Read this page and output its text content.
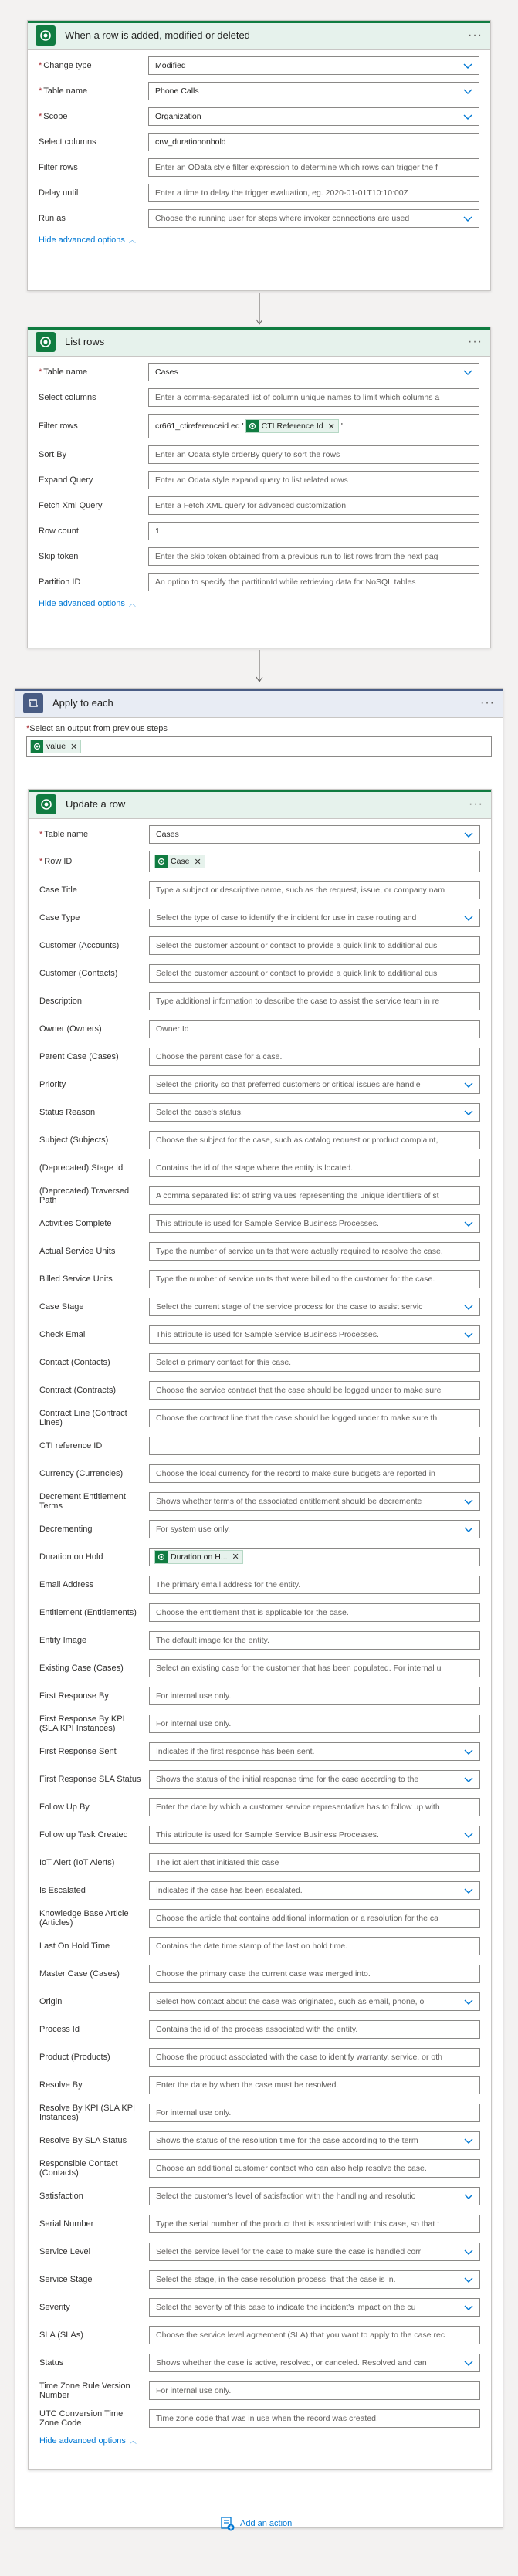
When a row is added, modified or deleted	···
* Change type	Modified
* Table name	Phone Calls
* Scope	Organization
Select columns	crw_durationonhold
Filter rows	Enter an OData style filter expression to determine which rows can trigger the f
Delay until	Enter a time to delay the trigger evaluation, eg. 2020-01-01T10:10:00Z
Run as	Choose the running user for steps where invoker connections are used
Hide advanced options ︿
List rows	···
* Table name	Cases
Select columns	Enter a comma-separated list of column unique names to limit which columns a
Filter rows	cr661_ctireferenceid eq ' CTI Reference Id ✕ '
Sort By	Enter an Odata style orderBy query to sort the rows
Expand Query	Enter an Odata style expand query to list related rows
Fetch Xml Query	Enter a Fetch XML query for advanced customization
Row count	1
Skip token	Enter the skip token obtained from a previous run to list rows from the next pag
Partition ID	An option to specify the partitionId while retrieving data for NoSQL tables
Hide advanced options ︿
Apply to each	···
*Select an output from previous steps
value ✕
Update a row	···
* Table name	Cases
* Row ID	Case ✕
Case Title	Type a subject or descriptive name, such as the request, issue, or company nam
Case Type	Select the type of case to identify the incident for use in case routing and
Customer (Accounts)	Select the customer account or contact to provide a quick link to additional cus
Customer (Contacts)	Select the customer account or contact to provide a quick link to additional cus
Description	Type additional information to describe the case to assist the service team in re
Owner (Owners)	Owner Id
Parent Case (Cases)	Choose the parent case for a case.
Priority	Select the priority so that preferred customers or critical issues are handle
Status Reason	Select the case's status.
Subject (Subjects)	Choose the subject for the case, such as catalog request or product complaint,
(Deprecated) Stage Id	Contains the id of the stage where the entity is located.
(Deprecated) Traversed Path	A comma separated list of string values representing the unique identifiers of st
Activities Complete	This attribute is used for Sample Service Business Processes.
Actual Service Units	Type the number of service units that were actually required to resolve the case.
Billed Service Units	Type the number of service units that were billed to the customer for the case.
Case Stage	Select the current stage of the service process for the case to assist servic
Check Email	This attribute is used for Sample Service Business Processes.
Contact (Contacts)	Select a primary contact for this case.
Contract (Contracts)	Choose the service contract that the case should be logged under to make sure
Contract Line (Contract Lines)	Choose the contract line that the case should be logged under to make sure th
CTI reference ID
Currency (Currencies)	Choose the local currency for the record to make sure budgets are reported in
Decrement Entitlement Terms	Shows whether terms of the associated entitlement should be decremente
Decrementing	For system use only.
Duration on Hold	Duration on H... ✕
Email Address	The primary email address for the entity.
Entitlement (Entitlements)	Choose the entitlement that is applicable for the case.
Entity Image	The default image for the entity.
Existing Case (Cases)	Select an existing case for the customer that has been populated. For internal u
First Response By	For internal use only.
First Response By KPI (SLA KPI Instances)	For internal use only.
First Response Sent	Indicates if the first response has been sent.
First Response SLA Status	Shows the status of the initial response time for the case according to the
Follow Up By	Enter the date by which a customer service representative has to follow up with
Follow up Task Created	This attribute is used for Sample Service Business Processes.
IoT Alert (IoT Alerts)	The iot alert that initiated this case
Is Escalated	Indicates if the case has been escalated.
Knowledge Base Article (Articles)	Choose the article that contains additional information or a resolution for the ca
Last On Hold Time	Contains the date time stamp of the last on hold time.
Master Case (Cases)	Choose the primary case the current case was merged into.
Origin	Select how contact about the case was originated, such as email, phone, o
Process Id	Contains the id of the process associated with the entity.
Product (Products)	Choose the product associated with the case to identify warranty, service, or oth
Resolve By	Enter the date by when the case must be resolved.
Resolve By KPI (SLA KPI Instances)	For internal use only.
Resolve By SLA Status	Shows the status of the resolution time for the case according to the term
Responsible Contact (Contacts)	Choose an additional customer contact who can also help resolve the case.
Satisfaction	Select the customer's level of satisfaction with the handling and resolutio
Serial Number	Type the serial number of the product that is associated with this case, so that t
Service Level	Select the service level for the case to make sure the case is handled corr
Service Stage	Select the stage, in the case resolution process, that the case is in.
Severity	Select the severity of this case to indicate the incident's impact on the cu
SLA (SLAs)	Choose the service level agreement (SLA) that you want to apply to the case rec
Status	Shows whether the case is active, resolved, or canceled. Resolved and can
Time Zone Rule Version Number	For internal use only.
UTC Conversion Time Zone Code	Time zone code that was in use when the record was created.
Hide advanced options ︿
Add an action
